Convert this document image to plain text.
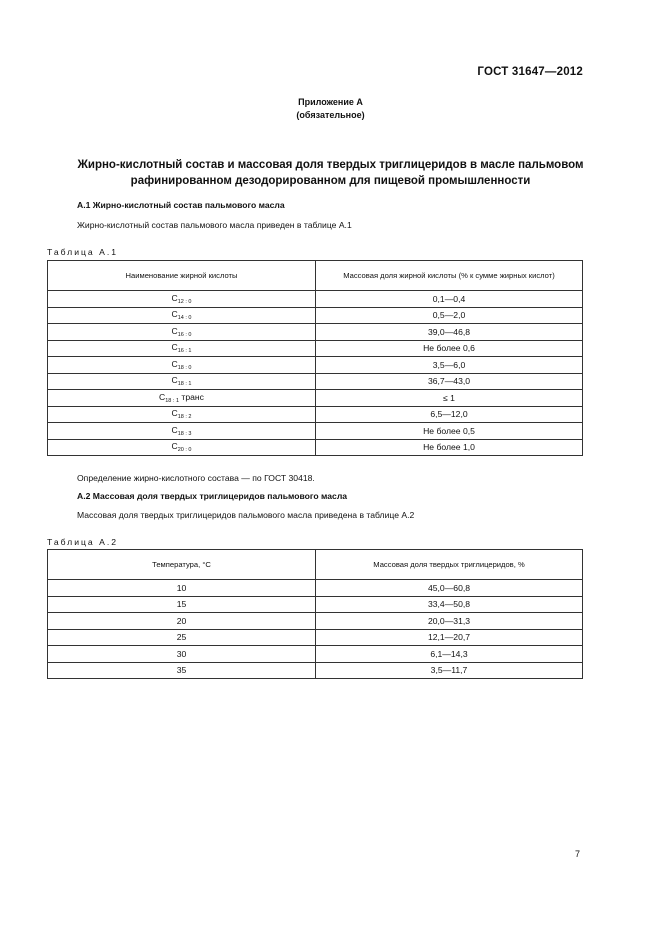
ГОСТ 31647—2012
Приложение А
(обязательное)
Жирно-кислотный состав и массовая доля твердых триглицеридов в масле пальмовом
рафинированном дезодорированном для пищевой промышленности
А.1 Жирно-кислотный состав пальмового масла
Жирно-кислотный состав пальмового масла приведен в таблице А.1
Таблица А.1
Наименование жирной кислоты	Массовая доля жирной кислоты (% к сумме жирных кислот)
$C_{12 : 0}$	0,1—0,4
$C_{14 : 0}$	0,5—2,0
$C_{16 : 0}$	39,0—46,8
$C_{16 : 1}$	Не более 0,6
$C_{18 : 0}$	3,5—6,0
$C_{18 : 1}$	36,7—43,0
$C_{18 : 1}$ транс	≤ 1
$C_{18 : 2}$	6,5—12,0
$C_{18 : 3}$	Не более 0,5
$C_{20 : 0}$	Не более 1,0
Определение жирно-кислотного состава — по ГОСТ 30418.
А.2 Массовая доля твердых триглицеридов пальмового масла
Массовая доля твердых триглицеридов пальмового масла приведена в таблице А.2
Таблица А.2
Температура, °С	Массовая доля твердых триглицеридов, %
10	45,0—60,8
15	33,4—50,8
20	20,0—31,3
25	12,1—20,7
30	6,1—14,3
35	3,5—11,7
7
